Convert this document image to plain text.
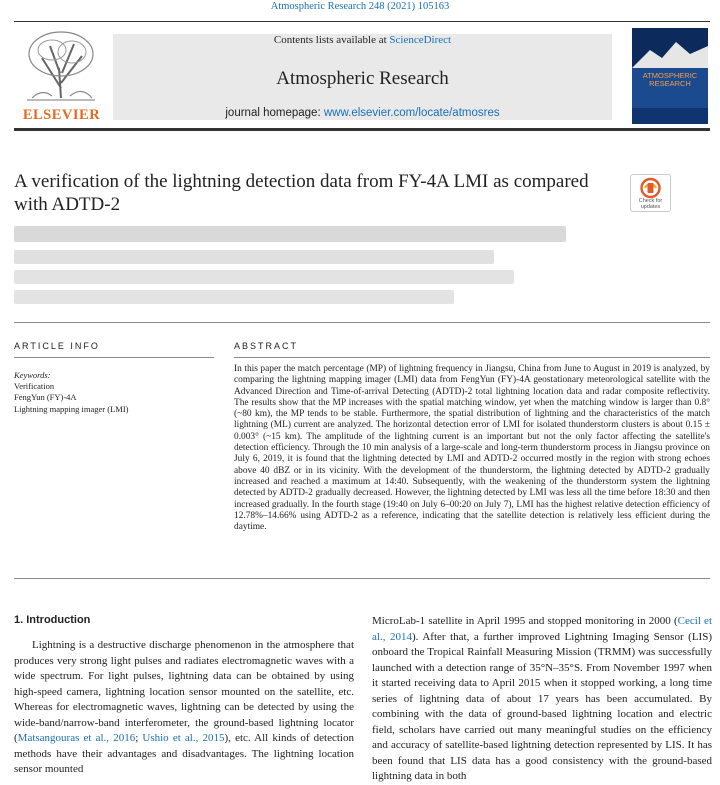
Atmospheric Research 248 (2021) 105163
ELSEVIER
Contents lists available at ScienceDirect
Atmospheric Research
journal homepage: www.elsevier.com/locate/atmosres
ATMOSPHERIC RESEARCH
A verification of the lightning detection data from FY-4A LMI as compared
with ADTD-2	Check for updates
ARTICLE INFO
Keywords:
Verification
FengYun (FY)-4A
Lightning mapping imager (LMI)
ABSTRACT
In this paper the match percentage (MP) of lightning frequency in Jiangsu, China from June to August in 2019 is analyzed, by comparing the lightning mapping imager (LMI) data from FengYun (FY)-4A geostationary meteorological satellite with the Advanced Direction and Time-of-arrival Detecting (ADTD)-2 total lightning location data and radar composite reflectivity. The results show that the MP increases with the spatial matching window, yet when the matching window is larger than 0.8° (~80 km), the MP tends to be stable. Furthermore, the spatial distribution of lightning and the characteristics of the match lightning (ML) current are analyzed. The horizontal detection error of LMI for isolated thunderstorm clusters is about 0.15 ± 0.003° (~15 km). The amplitude of the lightning current is an important but not the only factor affecting the satellite's detection efficiency. Through the 10 min analysis of a large-scale and long-term thunderstorm process in Jiangsu province on July 6, 2019, it is found that the lightning detected by LMI and ADTD-2 occurred mostly in the region with strong echoes above 40 dBZ or in its vicinity. With the development of the thunderstorm, the lightning detected by ADTD-2 gradually increased and reached a maximum at 14:40. Subsequently, with the weakening of the thunderstorm system the lightning detected by ADTD-2 gradually decreased. However, the lightning detected by LMI was less all the time before 18:30 and then increased gradually. In the fourth stage (19:40 on July 6–00:20 on July 7), LMI has the highest relative detection efficiency of 12.78%–14.66% using ADTD-2 as a reference, indicating that the satellite detection is relatively less efficient during the daytime.
1. Introduction
Lightning is a destructive discharge phenomenon in the atmosphere that produces very strong light pulses and radiates electromagnetic waves with a wide spectrum. For light pulses, lightning data can be obtained by using high-speed camera, lightning location sensor mounted on the satellite, etc. Whereas for electromagnetic waves, lightning can be detected by using the wide-band/narrow-band interferometer, the ground-based lightning locator (Matsangouras et al., 2016; Ushio et al., 2015), etc. All kinds of detection methods have their advantages and disadvantages. The lightning location sensor mounted
MicroLab-1 satellite in April 1995 and stopped monitoring in 2000 (Cecil et al., 2014). After that, a further improved Lightning Imaging Sensor (LIS) onboard the Tropical Rainfall Measuring Mission (TRMM) was successfully launched with a detection range of 35°N–35°S. From November 1997 when it started receiving data to April 2015 when it stopped working, a long time series of lightning data of about 17 years has been accumulated. By combining with the data of ground-based lightning location and electric field, scholars have carried out many meaningful studies on the efficiency and accuracy of satellite-based lightning detection represented by LIS. It has been found that LIS data has a good consistency with the ground-based lightning data in both
